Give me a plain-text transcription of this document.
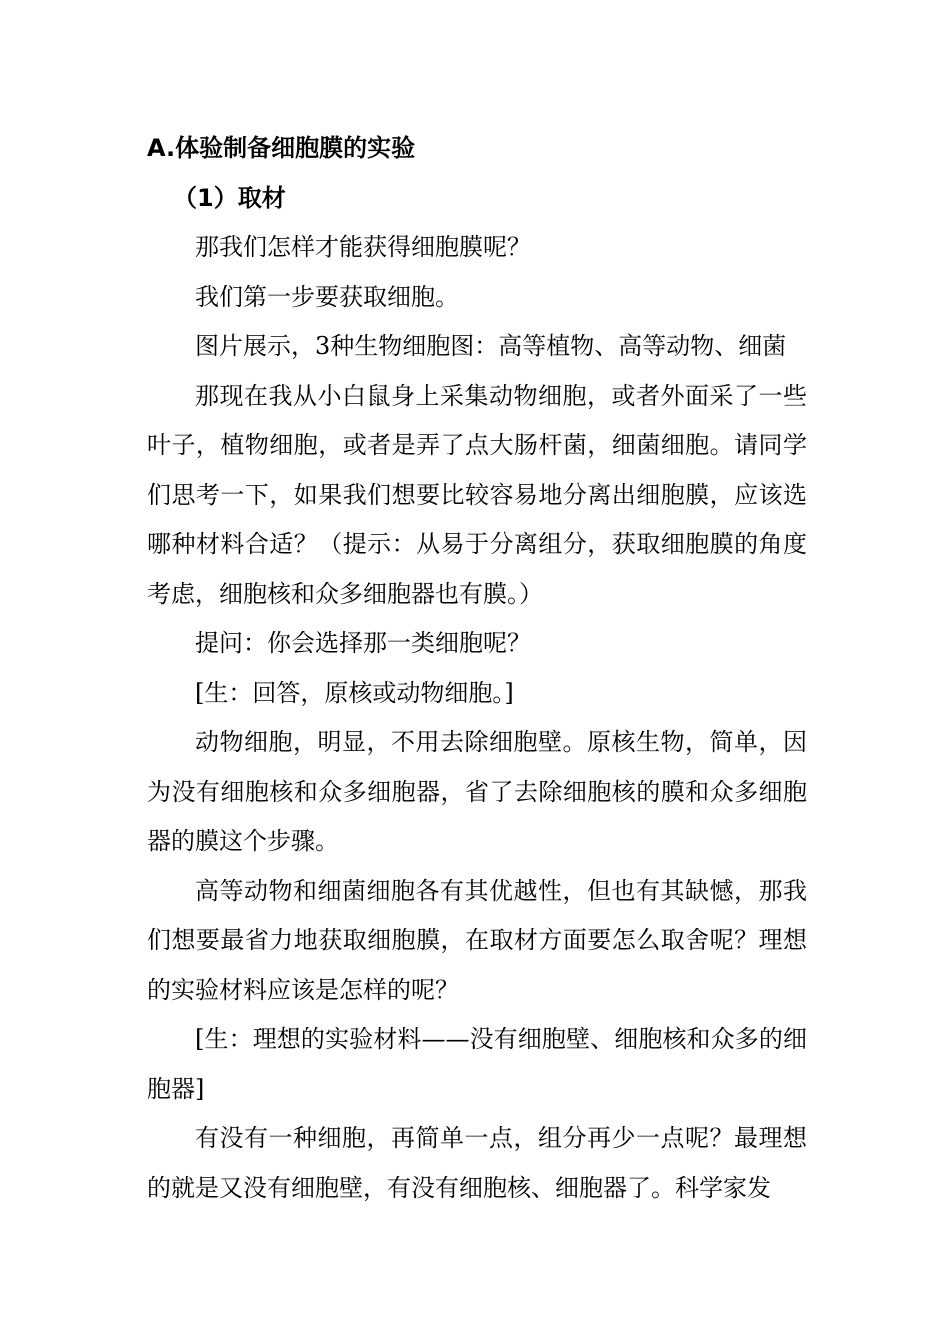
A.体验制备细胞膜的实验

（1）取材

那我们怎样才能获得细胞膜呢？

我们第一步要获取细胞。

图片展示，3种生物细胞图：高等植物、高等动物、细菌

那现在我从小白鼠身上采集动物细胞，或者外面采了一些叶子，植物细胞，或者是弄了点大肠杆菌，细菌细胞。请同学们思考一下，如果我们想要比较容易地分离出细胞膜，应该选哪种材料合适？（提示：从易于分离组分，获取细胞膜的角度考虑，细胞核和众多细胞器也有膜。）

提问：你会选择那一类细胞呢？

[生：回答，原核或动物细胞。]

动物细胞，明显，不用去除细胞壁。原核生物，简单，因为没有细胞核和众多细胞器，省了去除细胞核的膜和众多细胞器的膜这个步骤。

高等动物和细菌细胞各有其优越性，但也有其缺憾，那我们想要最省力地获取细胞膜，在取材方面要怎么取舍呢？理想的实验材料应该是怎样的呢？

[生：理想的实验材料——没有细胞壁、细胞核和众多的细胞器]

有没有一种细胞，再简单一点，组分再少一点呢？最理想的就是又没有细胞壁，有没有细胞核、细胞器了。科学家发
